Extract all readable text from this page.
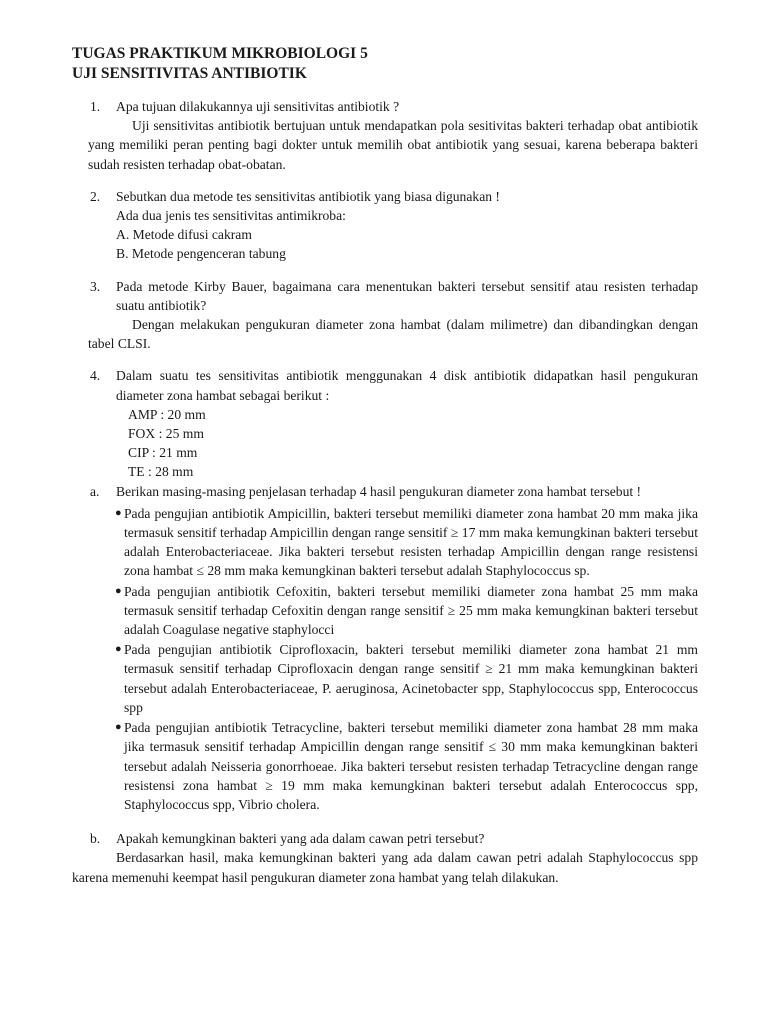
TUGAS PRAKTIKUM MIKROBIOLOGI 5

UJI SENSITIVITAS ANTIBIOTIK

1. Apa tujuan dilakukannya uji sensitivitas antibiotik ?
Uji sensitivitas antibiotik bertujuan untuk mendapatkan pola sesitivitas bakteri terhadap obat antibiotik yang memiliki peran penting bagi dokter untuk memilih obat antibiotik yang sesuai, karena beberapa bakteri sudah resisten terhadap obat-obatan.
2. Sebutkan dua metode tes sensitivitas antibiotik yang biasa digunakan !

Ada dua jenis tes sensitivitas antimikroba:

A. Metode difusi cakram

B. Metode pengenceran tabung

3. Pada metode Kirby Bauer, bagaimana cara menentukan bakteri tersebut sensitif atau resisten terhadap suatu antibiotik?
Dengan melakukan pengukuran diameter zona hambat (dalam milimetre) dan dibandingkan dengan tabel CLSI.
4. Dalam suatu tes sensitivitas antibiotik menggunakan 4 disk antibiotik didapatkan hasil pengukuran diameter zona hambat sebagai berikut :

AMP : 20 mm

FOX : 25 mm

CIP : 21 mm

TE : 28 mm

a. Berikan masing-masing penjelasan terhadap 4 hasil pengukuran diameter zona hambat tersebut !
● Pada pengujian antibiotik Ampicillin, bakteri tersebut memiliki diameter zona hambat 20 mm maka jika termasuk sensitif terhadap Ampicillin dengan range sensitif ≥ 17 mm maka kemungkinan bakteri tersebut adalah Enterobacteriaceae. Jika bakteri tersebut resisten terhadap Ampicillin dengan range resistensi zona hambat ≤ 28 mm maka kemungkinan bakteri tersebut adalah Staphylococcus sp.
● Pada pengujian antibiotik Cefoxitin, bakteri tersebut memiliki diameter zona hambat 25 mm maka termasuk sensitif terhadap Cefoxitin dengan range sensitif ≥ 25 mm maka kemungkinan bakteri tersebut adalah Coagulase negative staphylocci
● Pada pengujian antibiotik Ciprofloxacin, bakteri tersebut memiliki diameter zona hambat 21 mm termasuk sensitif terhadap Ciprofloxacin dengan range sensitif ≥ 21 mm maka kemungkinan bakteri tersebut adalah Enterobacteriaceae, P. aeruginosa, Acinetobacter spp, Staphylococcus spp, Enterococcus spp
● Pada pengujian antibiotik Tetracycline, bakteri tersebut memiliki diameter zona hambat 28 mm maka jika termasuk sensitif terhadap Ampicillin dengan range sensitif ≤ 30 mm maka kemungkinan bakteri tersebut adalah Neisseria gonorrhoeae. Jika bakteri tersebut resisten terhadap Tetracycline dengan range resistensi zona hambat ≥ 19 mm maka kemungkinan bakteri tersebut adalah Enterococcus spp, Staphylococcus spp, Vibrio cholera.
b. Apakah kemungkinan bakteri yang ada dalam cawan petri tersebut?
Berdasarkan hasil, maka kemungkinan bakteri yang ada dalam cawan petri adalah Staphylococcus spp karena memenuhi keempat hasil pengukuran diameter zona hambat yang telah dilakukan.
